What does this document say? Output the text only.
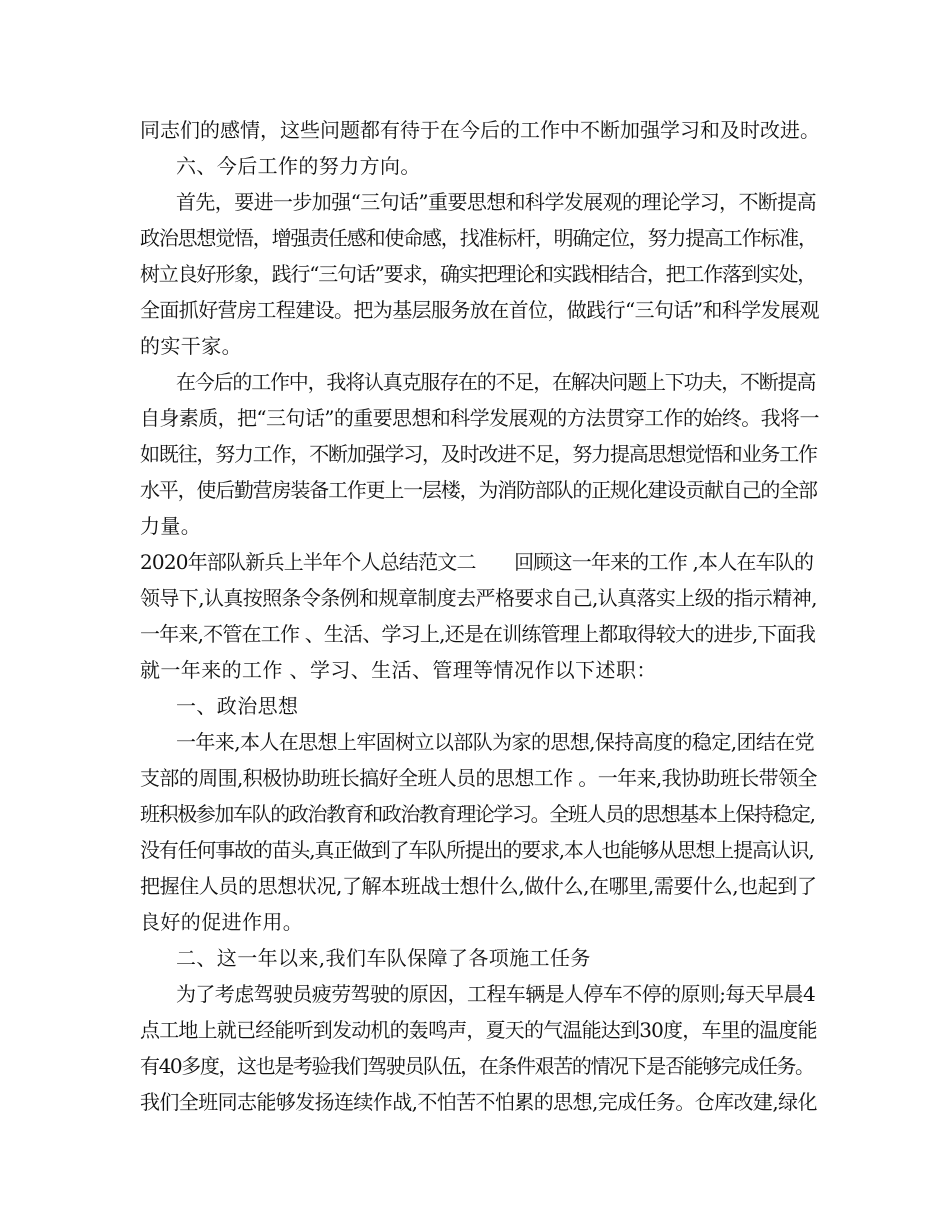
同志们的感情，这些问题都有待于在今后的工作中不断加强学习和及时改进。
六、今后工作的努力方向。
首先，要进一步加强“三句话”重要思想和科学发展观的理论学习，不断提高
政治思想觉悟，增强责任感和使命感，找准标杆，明确定位，努力提高工作标准，
树立良好形象，践行“三句话”要求，确实把理论和实践相结合，把工作落到实处，
全面抓好营房工程建设。把为基层服务放在首位，做践行“三句话”和科学发展观
的实干家。
在今后的工作中，我将认真克服存在的不足，在解决问题上下功夫，不断提高
自身素质，把“三句话”的重要思想和科学发展观的方法贯穿工作的始终。我将一
如既往，努力工作，不断加强学习，及时改进不足，努力提高思想觉悟和业务工作
水平，使后勤营房装备工作更上一层楼，为消防部队的正规化建设贡献自己的全部
力量。
2020年部队新兵上半年个人总结范文二　　回顾这一年来的工作 ,本人在车队的
领导下,认真按照条令条例和规章制度去严格要求自己,认真落实上级的指示精神,
一年来,不管在工作 、生活、学习上,还是在训练管理上都取得较大的进步,下面我
就一年来的工作 、学习、生活、管理等情况作以下述职：
一、政治思想
一年来,本人在思想上牢固树立以部队为家的思想,保持高度的稳定,团结在党
支部的周围,积极协助班长搞好全班人员的思想工作 。一年来,我协助班长带领全
班积极参加车队的政治教育和政治教育理论学习。全班人员的思想基本上保持稳定,
没有任何事故的苗头,真正做到了车队所提出的要求,本人也能够从思想上提高认识,
把握住人员的思想状况,了解本班战士想什么,做什么,在哪里,需要什么,也起到了
良好的促进作用。
二、这一年以来,我们车队保障了各项施工任务
为了考虑驾驶员疲劳驾驶的原因，工程车辆是人停车不停的原则;每天早晨4
点工地上就已经能听到发动机的轰鸣声，夏天的气温能达到30度，车里的温度能
有40多度，这也是考验我们驾驶员队伍，在条件艰苦的情况下是否能够完成任务。
我们全班同志能够发扬连续作战,不怕苦不怕累的思想,完成任务。仓库改建,绿化
